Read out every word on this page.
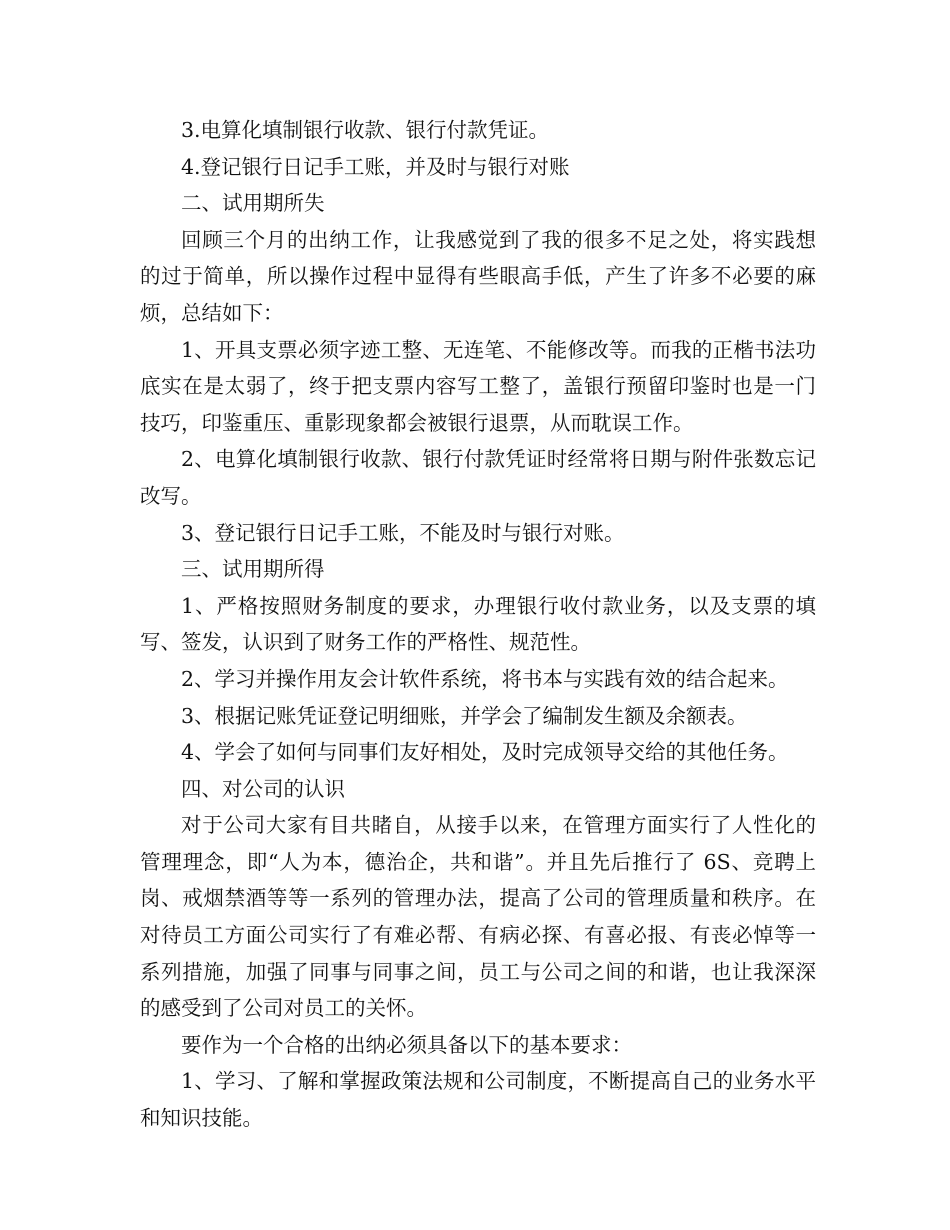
3.电算化填制银行收款、银行付款凭证。

4.登记银行日记手工账，并及时与银行对账

二、试用期所失

回顾三个月的出纳工作，让我感觉到了我的很多不足之处，将实践想的过于简单，所以操作过程中显得有些眼高手低，产生了许多不必要的麻烦，总结如下：

1、开具支票必须字迹工整、无连笔、不能修改等。而我的正楷书法功底实在是太弱了，终于把支票内容写工整了，盖银行预留印鉴时也是一门技巧，印鉴重压、重影现象都会被银行退票，从而耽误工作。

2、电算化填制银行收款、银行付款凭证时经常将日期与附件张数忘记改写。

3、登记银行日记手工账，不能及时与银行对账。

三、试用期所得

1、严格按照财务制度的要求，办理银行收付款业务，以及支票的填写、签发，认识到了财务工作的严格性、规范性。

2、学习并操作用友会计软件系统，将书本与实践有效的结合起来。

3、根据记账凭证登记明细账，并学会了编制发生额及余额表。

4、学会了如何与同事们友好相处，及时完成领导交给的其他任务。

四、对公司的认识

对于公司大家有目共睹自，从接手以来，在管理方面实行了人性化的管理理念，即“人为本，德治企，共和谐”。并且先后推行了 6S、竞聘上岗、戒烟禁酒等等一系列的管理办法，提高了公司的管理质量和秩序。在对待员工方面公司实行了有难必帮、有病必探、有喜必报、有丧必悼等一系列措施，加强了同事与同事之间，员工与公司之间的和谐，也让我深深的感受到了公司对员工的关怀。

要作为一个合格的出纳必须具备以下的基本要求：

1、学习、了解和掌握政策法规和公司制度，不断提高自己的业务水平和知识技能。
